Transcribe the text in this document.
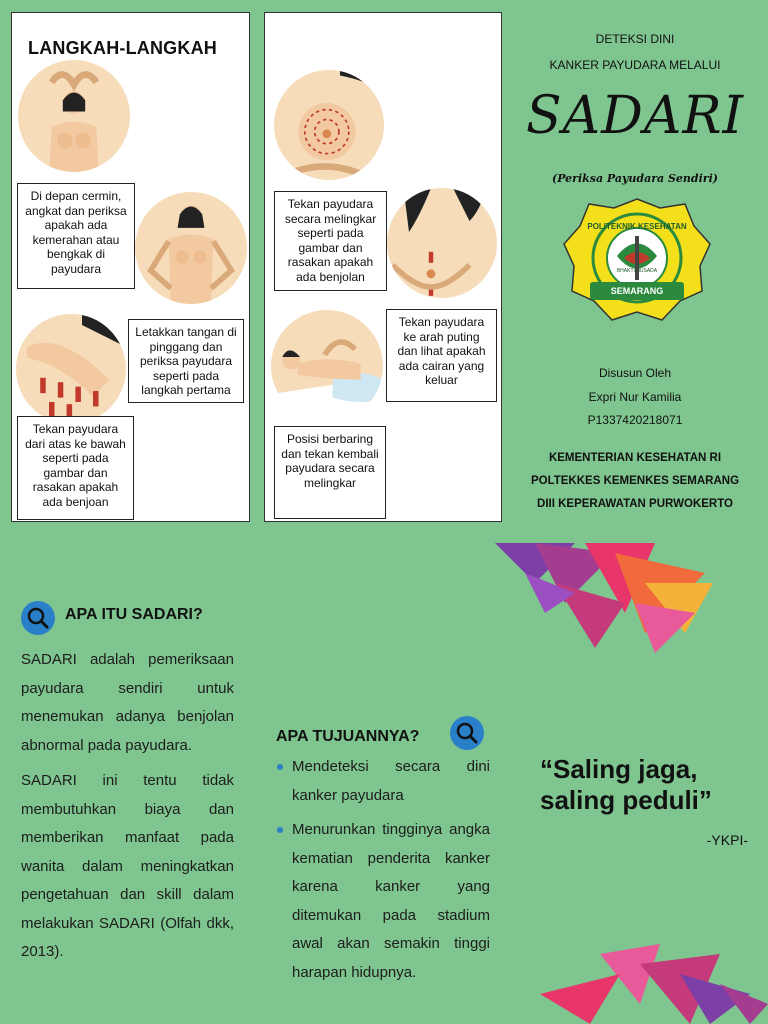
LANGKAH-LANGKAH
Di depan cermin, angkat dan periksa apakah ada kemerahan atau bengkak di payudara
Letakkan tangan di pinggang dan periksa payudara seperti pada langkah pertama
Tekan payudara dari atas ke bawah seperti pada gambar dan rasakan apakah ada benjoan
Tekan payudara secara melingkar seperti pada gambar dan rasakan apakah ada benjolan
Tekan payudara ke arah puting dan lihat apakah ada cairan yang keluar
Posisi berbaring dan tekan kembali payudara secara melingkar
DETEKSI DINI
KANKER PAYUDARA MELALUI
SADARI
(Periksa Payudara Sendiri)
POLITEKNIK KESEHATAN
BHAKTI HUSADA
SEMARANG
Disusun Oleh
Expri Nur Kamilia
P1337420218071
KEMENTERIAN KESEHATAN RI
POLTEKKES KEMENKES SEMARANG
DIII KEPERAWATAN PURWOKERTO
APA ITU SADARI?
SADARI adalah pemeriksaan payudara sendiri untuk menemukan adanya benjolan abnormal pada payudara.
SADARI ini tentu tidak membutuhkan biaya dan memberikan manfaat pada wanita dalam meningkatkan pengetahuan dan skill dalam melakukan SADARI (Olfah dkk, 2013).
APA TUJUANNYA?
Mendeteksi secara dini kanker payudara
Menurunkan tingginya angka kematian penderita kanker karena kanker yang ditemukan pada stadium awal akan semakin tinggi harapan hidupnya.
“Saling jaga, saling peduli”
-YKPI-
